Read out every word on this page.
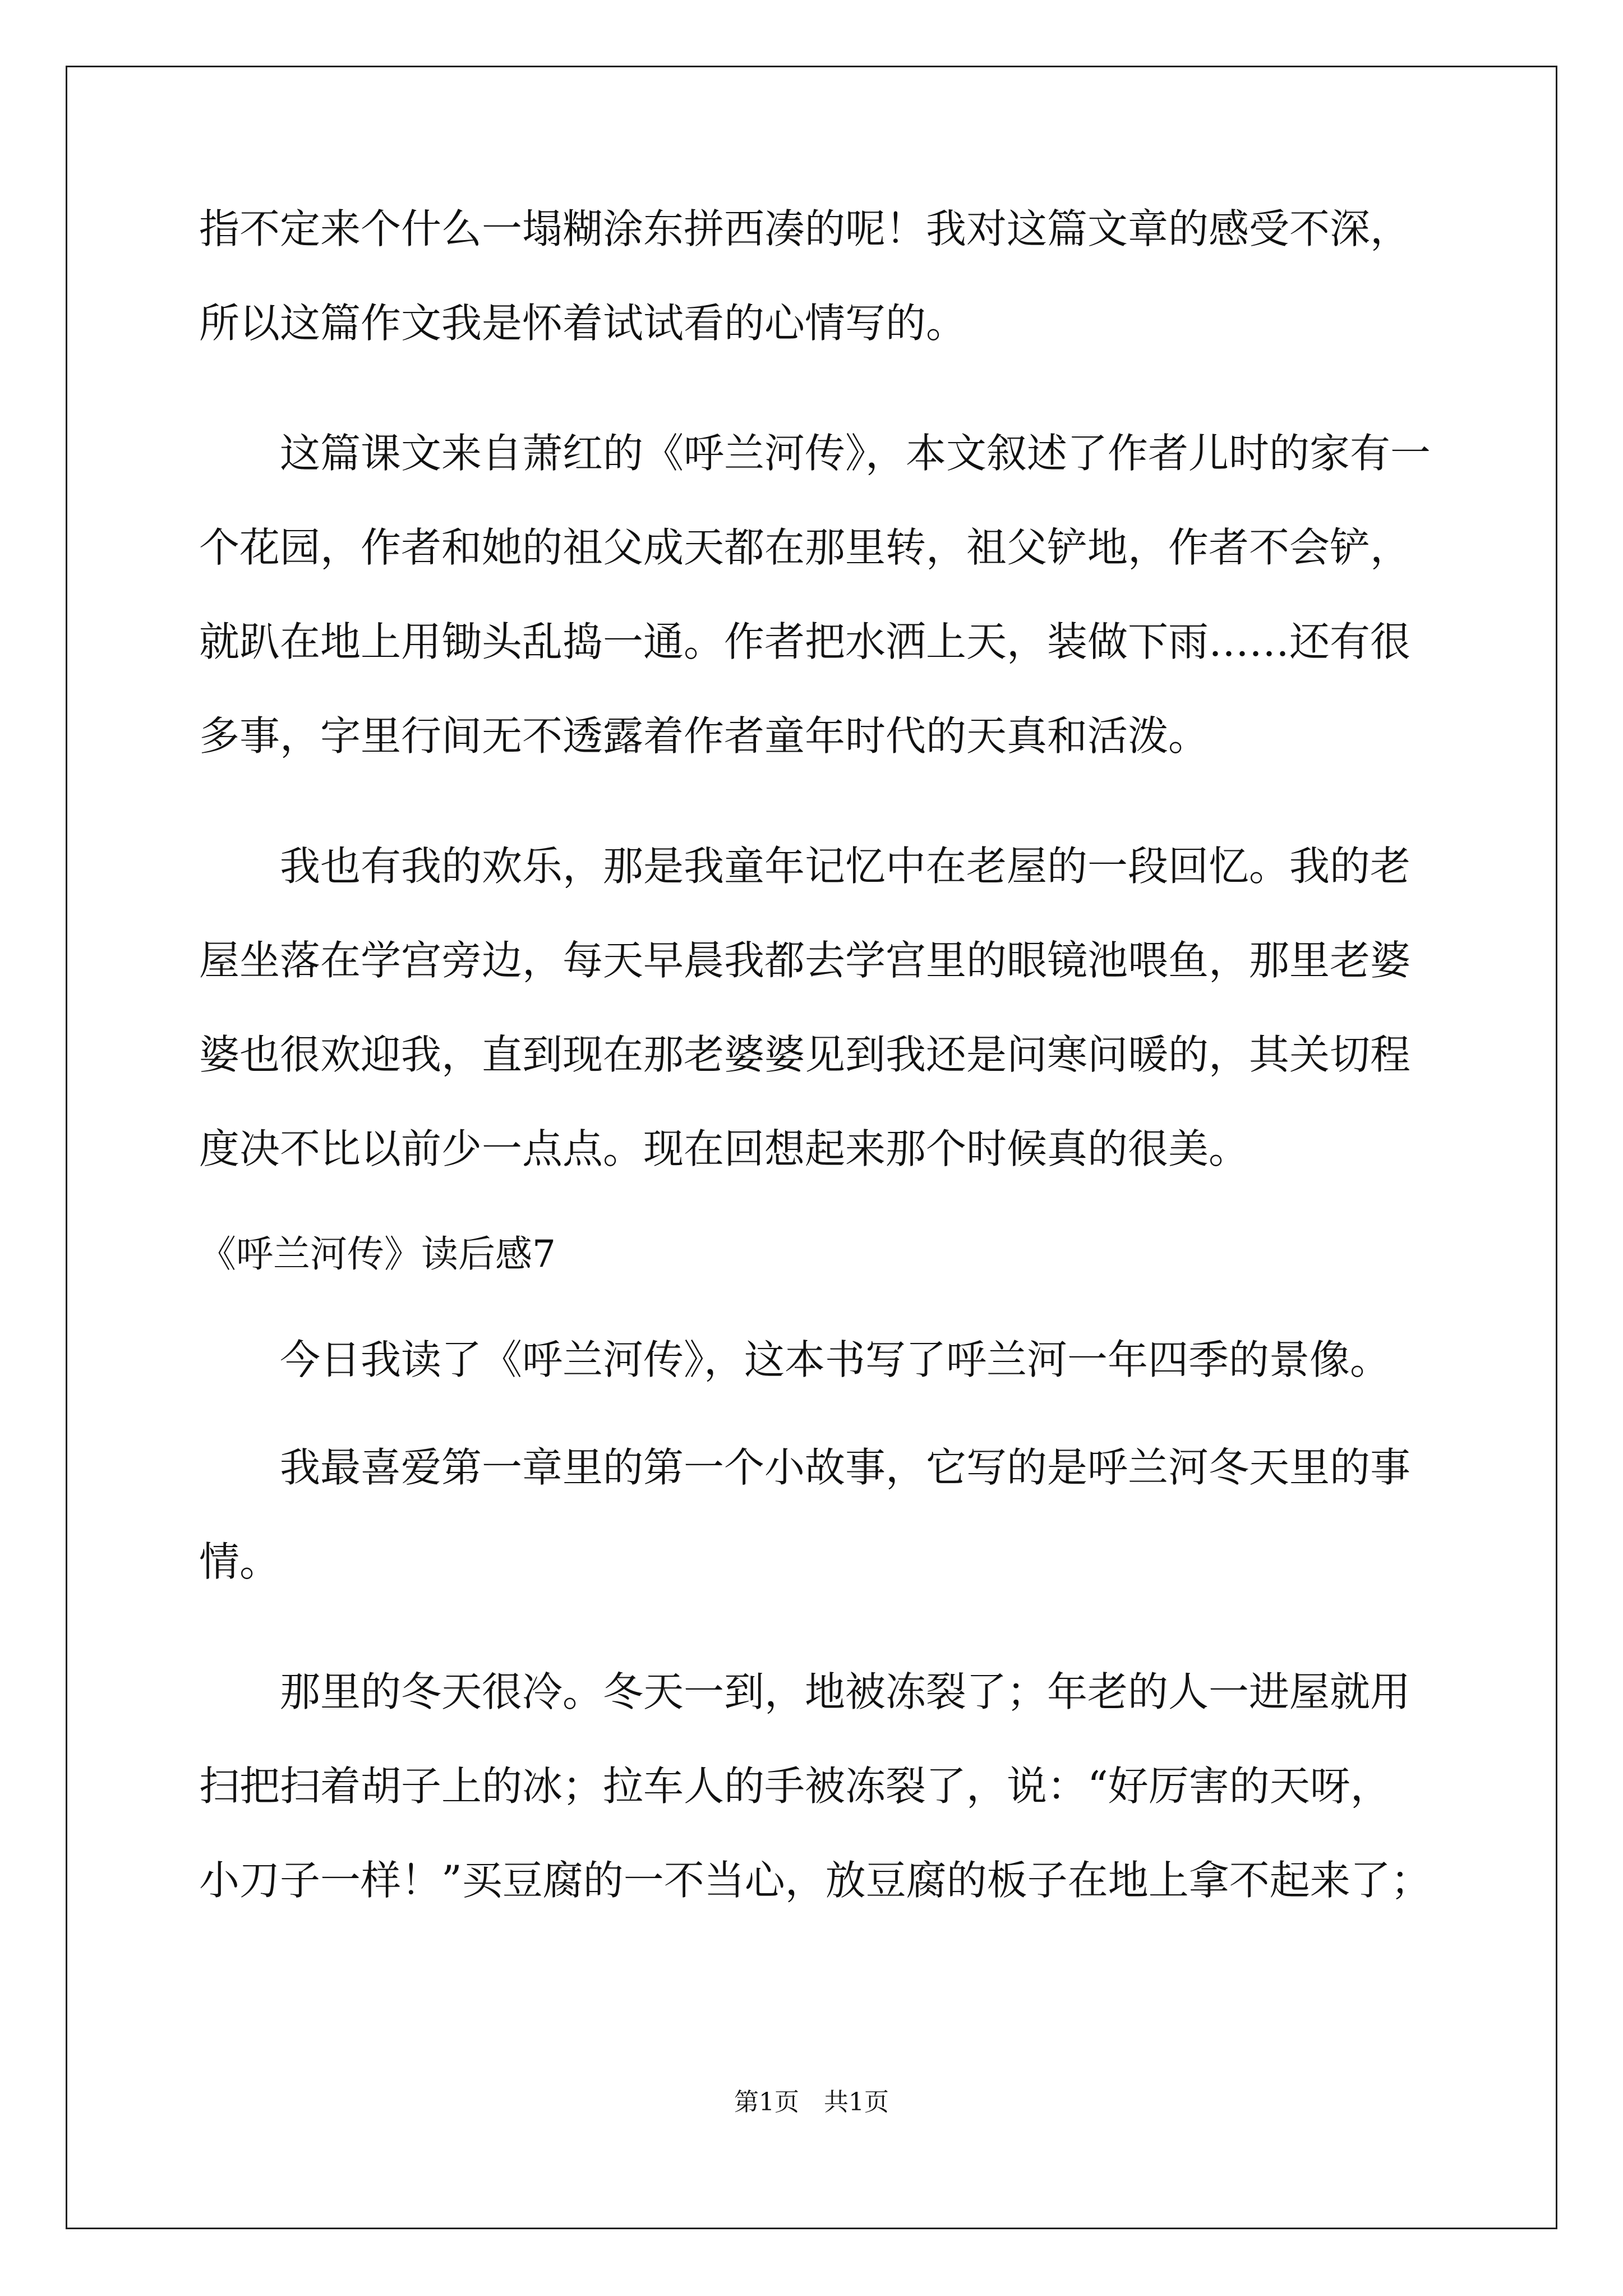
指不定来个什么一塌糊涂东拼西凑的呢！我对这篇文章的感受不深，

所以这篇作文我是怀着试试看的心情写的。

　　这篇课文来自萧红的《呼兰河传》，本文叙述了作者儿时的家有一

个花园，作者和她的祖父成天都在那里转，祖父铲地，作者不会铲，

就趴在地上用锄头乱捣一通。作者把水洒上天，装做下雨……还有很

多事，字里行间无不透露着作者童年时代的天真和活泼。

　　我也有我的欢乐，那是我童年记忆中在老屋的一段回忆。我的老

屋坐落在学宫旁边，每天早晨我都去学宫里的眼镜池喂鱼，那里老婆

婆也很欢迎我，直到现在那老婆婆见到我还是问寒问暖的，其关切程

度决不比以前少一点点。现在回想起来那个时候真的很美。

《呼兰河传》读后感7

　　今日我读了《呼兰河传》，这本书写了呼兰河一年四季的景像。

　　我最喜爱第一章里的第一个小故事，它写的是呼兰河冬天里的事

情。

　　那里的冬天很冷。冬天一到，地被冻裂了；年老的人一进屋就用

扫把扫着胡子上的冰；拉车人的手被冻裂了，说：“好厉害的天呀，

小刀子一样！”买豆腐的一不当心，放豆腐的板子在地上拿不起来了；

第1页　共1页
